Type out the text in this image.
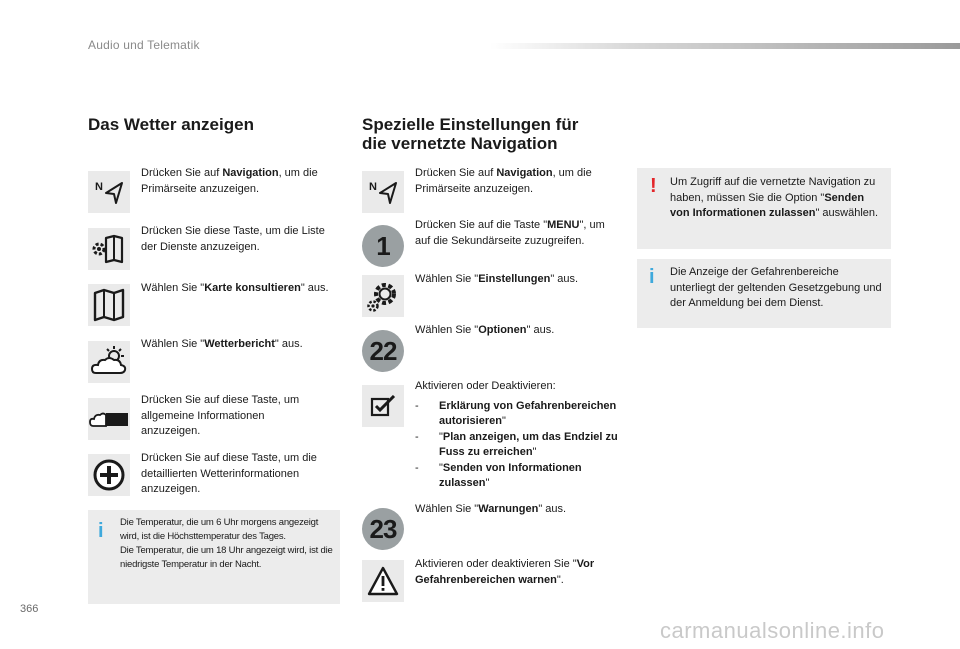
Audio und Telematik
Das Wetter anzeigen
N
Drücken Sie auf Navigation, um die Primärseite anzuzeigen.
Drücken Sie diese Taste, um die Liste der Dienste anzuzeigen.
Wählen Sie "Karte konsultieren" aus.
Wählen Sie "Wetterbericht" aus.
Drücken Sie auf diese Taste, um allgemeine Informationen anzuzeigen.
Drücken Sie auf diese Taste, um die detaillierten Wetterinformationen anzuzeigen.
i Die Temperatur, die um 6 Uhr morgens angezeigt wird, ist die Höchsttemperatur des Tages.
Die Temperatur, die um 18 Uhr angezeigt wird, ist die niedrigste Temperatur in der Nacht.
Spezielle Einstellungen für
die vernetzte Navigation
N
Drücken Sie auf Navigation, um die Primärseite anzuzeigen.
1
Drücken Sie auf die Taste "MENU", um auf die Sekundärseite zuzugreifen.
Wählen Sie "Einstellungen" aus.
22
Wählen Sie "Optionen" aus.
Aktivieren oder Deaktivieren:
- Erklärung von Gefahrenbereichen autorisieren"
- "Plan anzeigen, um das Endziel zu Fuss zu erreichen"
- "Senden von Informationen zulassen"
23
Wählen Sie "Warnungen" aus.
Aktivieren oder deaktivieren Sie "Vor Gefahrenbereichen warnen".
! Um Zugriff auf die vernetzte Navigation zu haben, müssen Sie die Option "Senden von Informationen zulassen" auswählen.
i Die Anzeige der Gefahrenbereiche unterliegt der geltenden Gesetzgebung und der Anmeldung bei dem Dienst.
366
carmanualsonline.info
